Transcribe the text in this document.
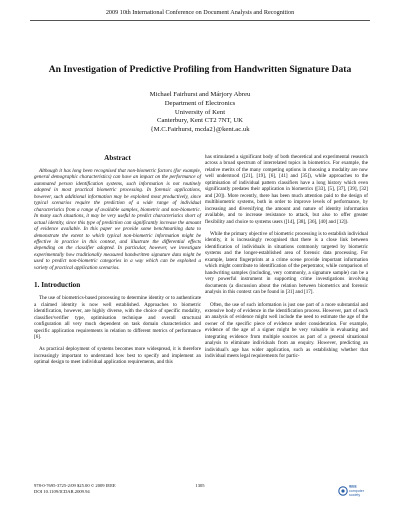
2009 10th International Conference on Document Analysis and Recognition
An Investigation of Predictive Profiling from Handwritten Signature Data
Michael Fairhurst and Márjory Abreu
Department of Electronics
University of Kent
Canterbury, Kent CT2 7NT, UK
{M.C.Fairhurst, mcda2}@kent.ac.uk
Abstract
Although it has long been recognised that non-biometric factors (for example, general demographic characteristics) can have an impact on the performance of automated person identification systems, such information is not routinely adopted in most practical biometric processing. In forensic applications, however, such additional information may be exploited most productively, since typical scenarios require the prediction of a wide range of individual characteristics from a range of available samples, biometric and non-biometric. In many such situations, it may be very useful to predict characteristics short of actual identity, since this type of prediction can significantly increase the amount of evidence available. In this paper we provide some benchmarking data to demonstrate the extent to which typical non-biometric information might be effective in practice in this context, and illustrate the differential effects depending on the classifier adopted. In particular, however, we investigate experimentally how traditionally measured handwritten signature data might be used to predict non-biometric categories in a way which can be exploited a variety of practical application scenarios.
1. Introduction

The use of biometrics-based processing to determine identity or to authenticate a claimed identity is now well established. Approaches to biometric identification, however, are highly diverse, with the choice of specific modality, classifier/verifier type, optimisation technique and overall structural configuration all very much dependent on task domain characteristics and specific application requirements in relation to different metrics of performance [6].

As practical deployment of systems becomes more widespread, it is therefore increasingly important to understand how best to specify and implement an optimal design to meet individual application requirements, and this

has stimulated a significant body of both theoretical and experimental research across a broad spectrum of interrelated topics in biometrics. For example, the relative merits of the many competing options in choosing a modality are now well understood ([21], [19], [6], [41] and [35]), while approaches to the optimisation of individual pattern classifiers have a long history which even significantly predates their application in biometrics ([33], [5], [37], [39], [32] and [20]). More recently, there has been much attention paid to the design of multibiometric systems, both in order to improve levels of performance, by increasing and diversifying the amount and nature of identity information available, and to increase resistance to attack, but also to offer greater flexibility and choice to systems users ([14], [38], [36], [40] and [12]).

While the primary objective of biometric processing is to establish individual identity, it is increasingly recognised that there is a close link between identification of individuals in situations commonly targeted by biometric systems and the longer-established area of forensic data processing. For example, latent fingerprints at a crime scene provide important information which might contribute to identification of the perpetrator, while comparison of handwriting samples (including, very commonly, a signature sample) can be a very powerful instrument in supporting crime investigations involving documents (a discussion about the relation between biometrics and forensic analysis in this context can be found in [31] and [17].

Often, the use of such information is just one part of a more substantial and extensive body of evidence in the identification process. However, part of such an analysis of evidence might well include the need to estimate the age of the owner of the specific piece of evidence under consideration. For example, evidence of the age of a signer might be very valuable in evaluating and integrating evidence from multiple sources as part of a general situational analysis to eliminate individuals from an enquiry. However, predicting an individual's age has wider application, such as establishing whether that individual meets legal requirements for partic-

978-0-7695-3725-2/09 $25.00 © 2009 IEEE
DOI 10.1109/ICDAR.2009.94
1305	IEEE
computer
society
